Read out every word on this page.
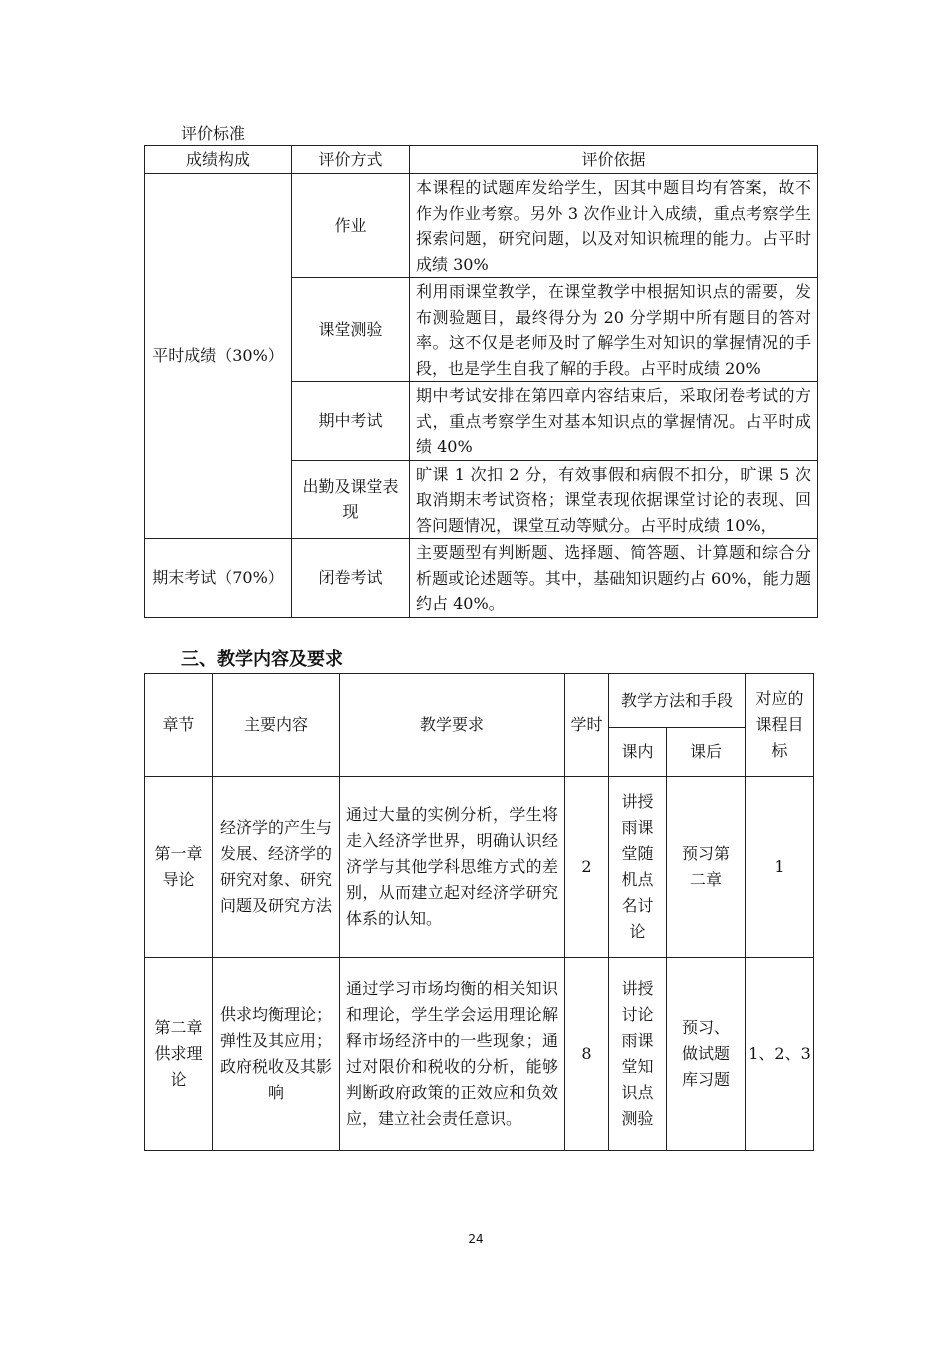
评价标准
成绩构成	评价方式	评价依据
平时成绩（30%）	作业	本课程的试题库发给学生，因其中题目均有答案，故不作为作业考察。另外 3 次作业计入成绩，重点考察学生探索问题，研究问题，以及对知识梳理的能力。占平时成绩 30%
	课堂测验	利用雨课堂教学，在课堂教学中根据知识点的需要，发布测验题目，最终得分为 20 分学期中所有题目的答对率。这不仅是老师及时了解学生对知识的掌握情况的手段，也是学生自我了解的手段。占平时成绩 20%
	期中考试	期中考试安排在第四章内容结束后，采取闭卷考试的方式，重点考察学生对基本知识点的掌握情况。占平时成绩 40%
	出勤及课堂表现	旷课 1 次扣 2 分，有效事假和病假不扣分，旷课 5 次取消期末考试资格；课堂表现依据课堂讨论的表现、回答问题情况，课堂互动等赋分。占平时成绩 10%，
期末考试（70%）	闭卷考试	主要题型有判断题、选择题、简答题、计算题和综合分析题或论述题等。其中，基础知识题约占 60%，能力题约占 40%。
三、教学内容及要求
章节	主要内容	教学要求	学时	教学方法和手段		对应的课程目标
				课内	课后	
第一章导论	经济学的产生与发展、经济学的研究对象、研究问题及研究方法	通过大量的实例分析，学生将走入经济学世界，明确认识经济学与其他学科思维方式的差别，从而建立起对经济学研究体系的认知。	2	讲授雨课堂随机点名讨论	预习第二章	1
第二章供求理论	供求均衡理论；弹性及其应用；政府税收及其影响	通过学习市场均衡的相关知识和理论，学生学会运用理论解释市场经济中的一些现象；通过对限价和税收的分析，能够判断政府政策的正效应和负效应，建立社会责任意识。	8	讲授讨论雨课堂知识点测验	预习、做试题库习题	1、2、3
24
